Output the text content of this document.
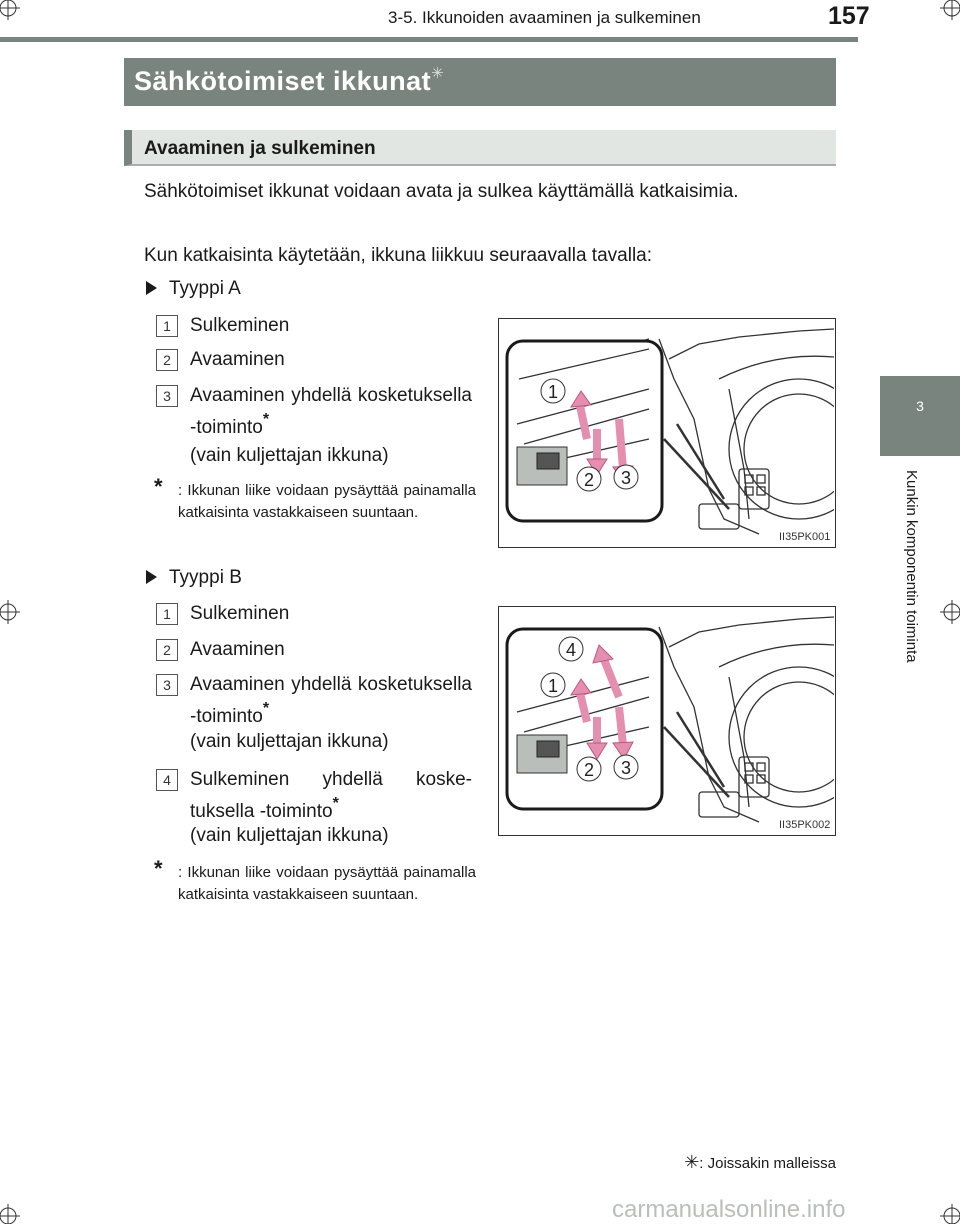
3-5. Ikkunoiden avaaminen ja sulkeminen	157
3
Kunkin komponentin toiminta
Sähkötoimiset ikkunat✳
Avaaminen ja sulkeminen
Sähkötoimiset ikkunat voidaan avata ja sulkea käyttämällä katkaisimia.
Kun katkaisinta käytetään, ikkuna liikkuu seuraavalla tavalla:
Tyyppi A
1	Sulkeminen
2	Avaaminen
3	Avaaminen yhdellä kosketuksella -toiminto*
(vain kuljettajan ikkuna)
* : Ikkunan liike voidaan pysäyttää painamalla katkaisinta vastakkaiseen suuntaan.
1
2 3
II35PK001
Tyyppi B
1	Sulkeminen
2	Avaaminen
3	Avaaminen yhdellä kosketuksella -toiminto*
(vain kuljettajan ikkuna)
4	Sulkeminen yhdellä kosketuksella -toiminto*
(vain kuljettajan ikkuna)
* : Ikkunan liike voidaan pysäyttää painamalla katkaisinta vastakkaiseen suuntaan.
4
1
2 3
II35PK002
✳: Joissakin malleissa
carmanualsonline.info
